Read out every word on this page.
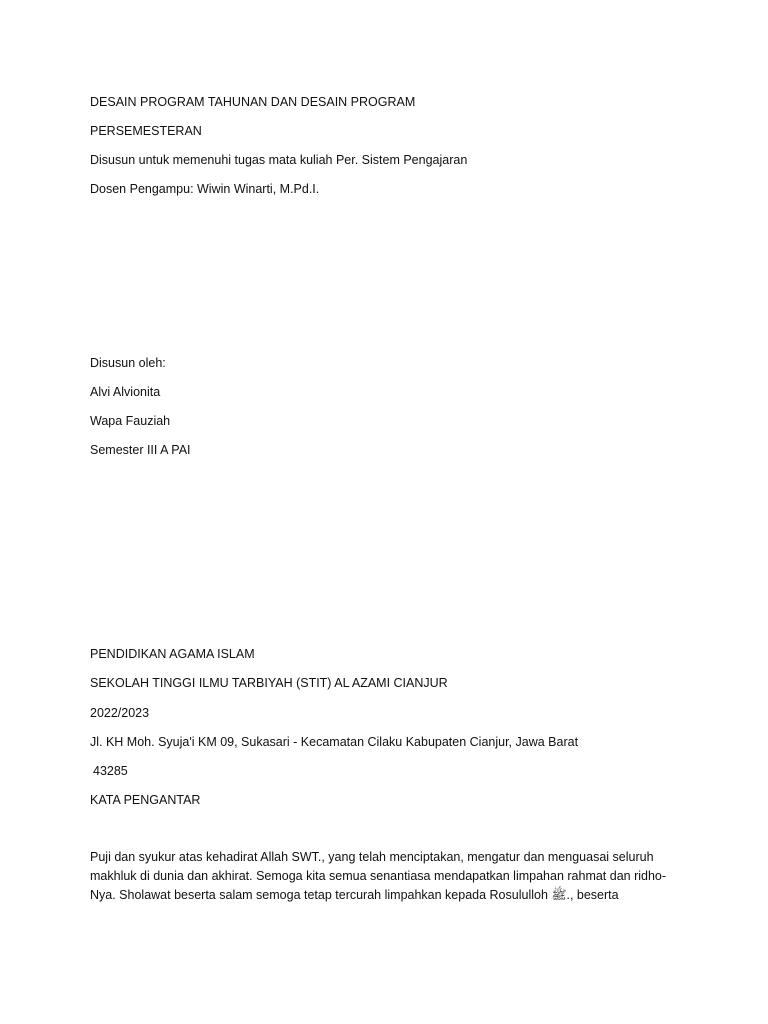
DESAIN PROGRAM TAHUNAN DAN DESAIN PROGRAM
PERSEMESTERAN
Disusun untuk memenuhi tugas mata kuliah Per. Sistem Pengajaran
Dosen Pengampu: Wiwin Winarti, M.Pd.I.
Disusun oleh:
Alvi Alvionita
Wapa Fauziah
Semester III A PAI
PENDIDIKAN AGAMA ISLAM
SEKOLAH TINGGI ILMU TARBIYAH (STIT) AL AZAMI CIANJUR
2022/2023
Jl. KH Moh. Syuja'i KM 09, Sukasari - Kecamatan Cilaku Kabupaten Cianjur, Jawa Barat
43285
KATA PENGANTAR
Puji dan syukur atas kehadirat Allah SWT., yang telah menciptakan, mengatur dan menguasai seluruh
makhluk di dunia dan akhirat. Semoga kita semua senantiasa mendapatkan limpahan rahmat dan ridho-
Nya. Sholawat beserta salam semoga tetap tercurah limpahkan kepada Rosululloh ﷺ., beserta
